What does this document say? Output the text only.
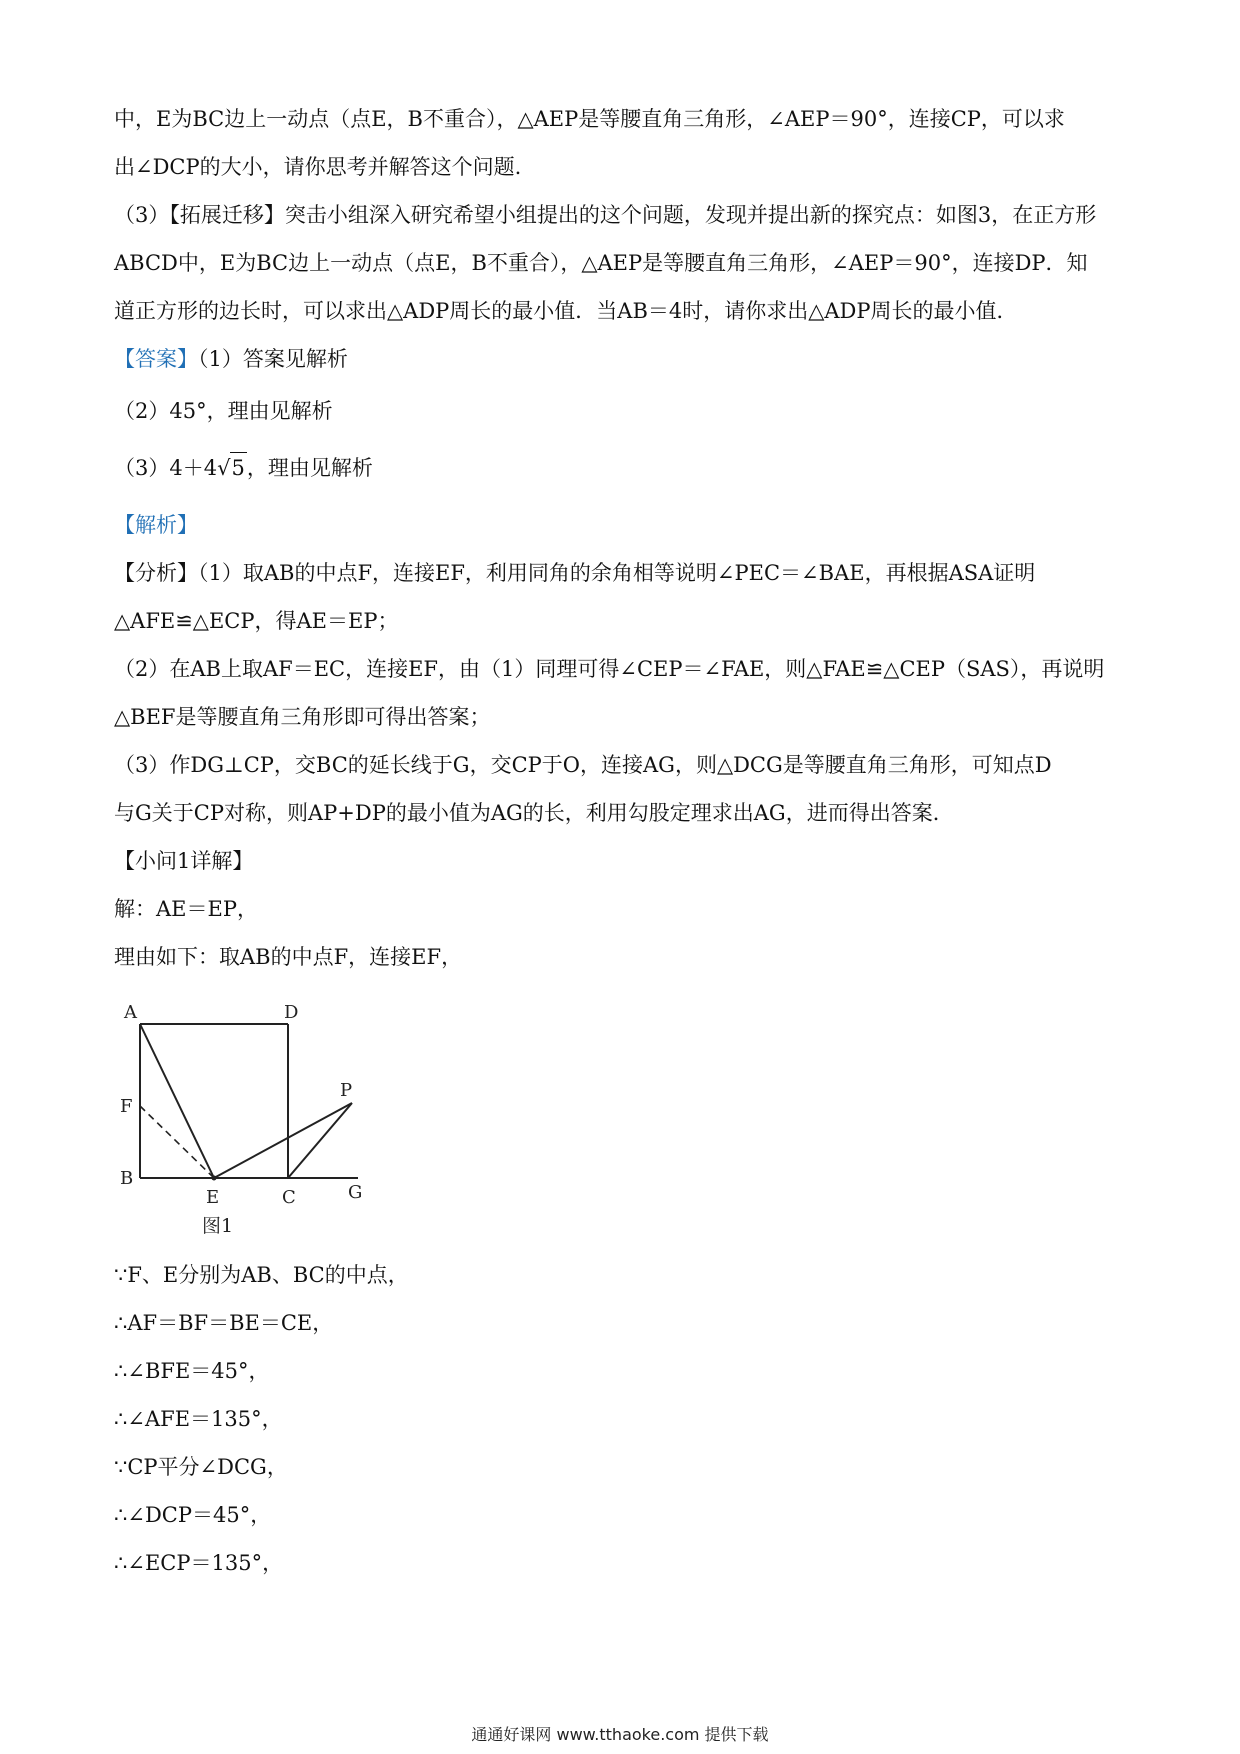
中，E为BC边上一动点（点E，B不重合），△AEP是等腰直角三角形，∠AEP＝90°，连接CP，可以求
出∠DCP的大小，请你思考并解答这个问题.
（3）【拓展迁移】突击小组深入研究希望小组提出的这个问题，发现并提出新的探究点：如图3，在正方形
ABCD中，E为BC边上一动点（点E，B不重合），△AEP是等腰直角三角形，∠AEP＝90°，连接DP．知
道正方形的边长时，可以求出△ADP周长的最小值．当AB＝4时，请你求出△ADP周长的最小值．
【答案】（1）答案见解析
（2）45°，理由见解析
（3）4＋4√5，理由见解析
【解析】
【分析】（1）取AB的中点F，连接EF，利用同角的余角相等说明∠PEC＝∠BAE，再根据ASA证明
△AFE≌△ECP，得AE＝EP；
（2）在AB上取AF＝EC，连接EF，由（1）同理可得∠CEP＝∠FAE，则△FAE≌△CEP（SAS），再说明
△BEF是等腰直角三角形即可得出答案；
（3）作DG⊥CP，交BC的延长线于G，交CP于O，连接AG，则△DCG是等腰直角三角形，可知点D
与G关于CP对称，则AP+DP的最小值为AG的长，利用勾股定理求出AG，进而得出答案．
【小问1详解】
解：AE＝EP，
理由如下：取AB的中点F，连接EF，
A	D
F
P
B
E	C	G
图1
∵F、E分别为AB、BC的中点，
∴AF＝BF＝BE＝CE，
∴∠BFE＝45°，
∴∠AFE＝135°，
∵CP平分∠DCG，
∴∠DCP＝45°，
∴∠ECP＝135°，
通通好课网 www.tthaoke.com 提供下载
